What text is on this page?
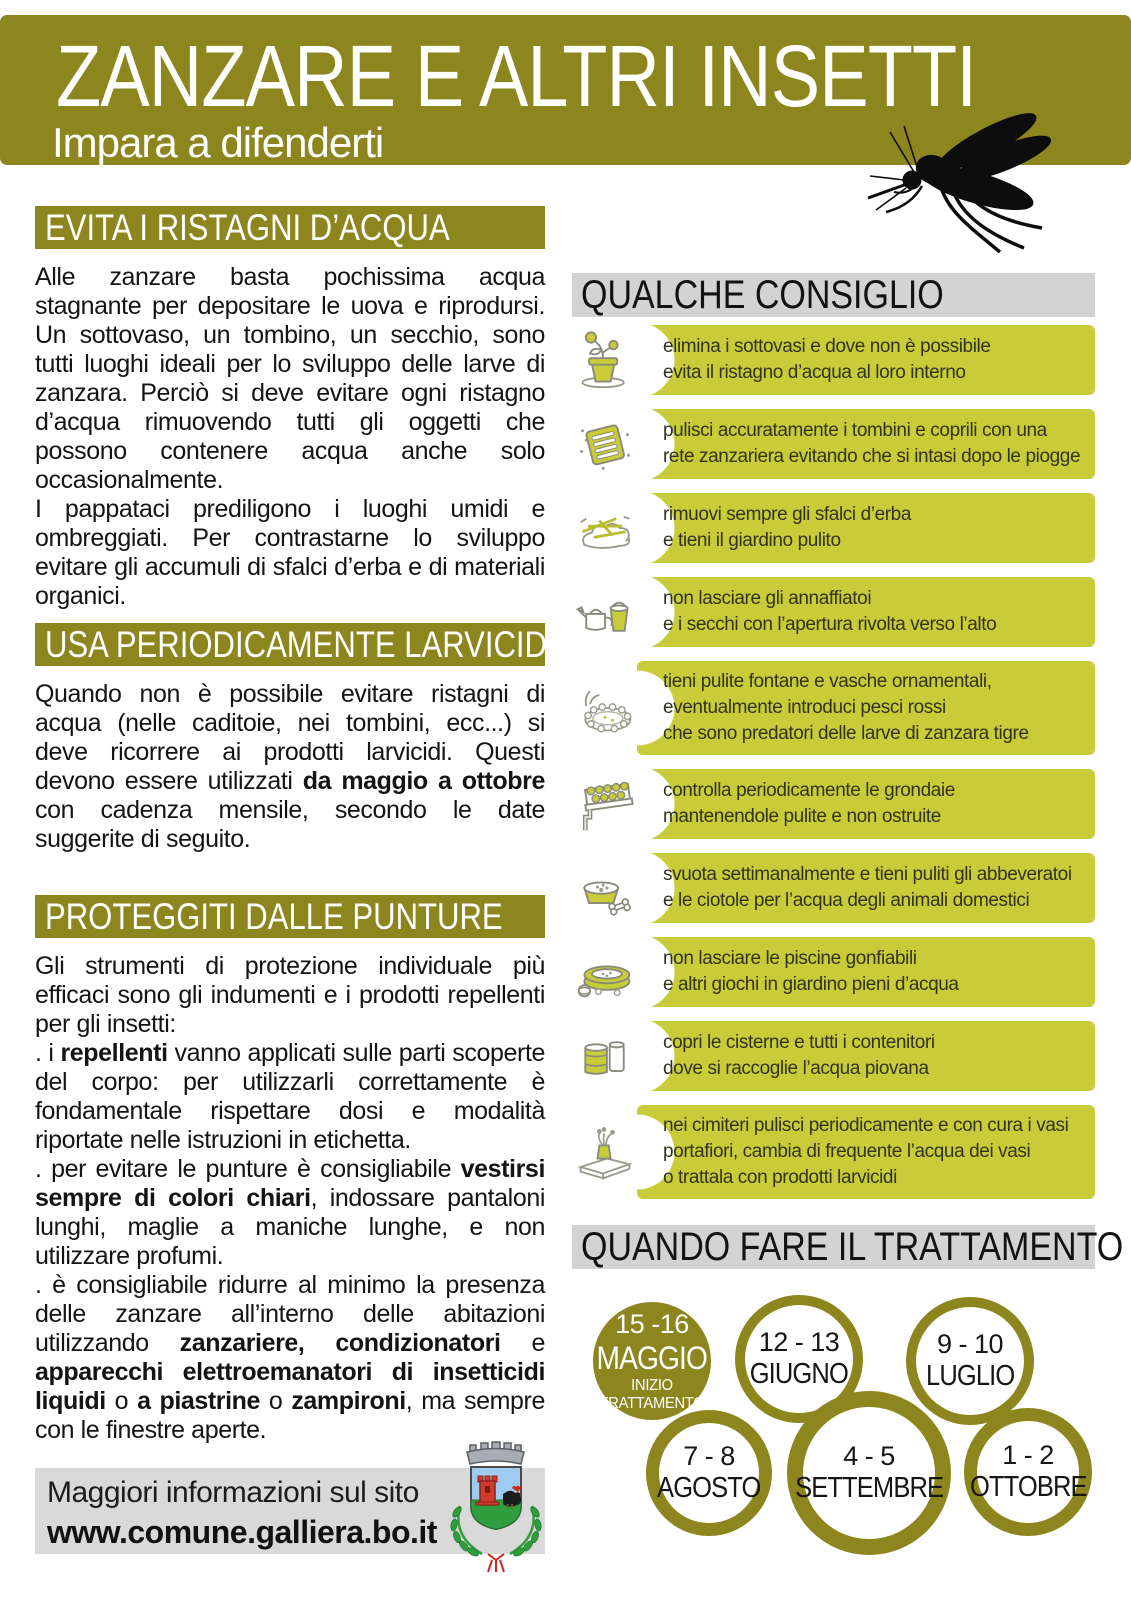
ZANZARE E ALTRI INSETTI
Impara a difenderti
EVITA I RISTAGNI D’ACQUA

Alle zanzare basta pochissima acqua stagnante per depositare le uova e riprodursi. Un sottovaso, un tombino, un secchio, sono tutti luoghi ideali per lo sviluppo delle larve di zanzara. Perciò si deve evitare ogni ristagno d’acqua rimuovendo tutti gli oggetti che possono contenere acqua anche solo occasionalmente.

I pappataci prediligono i luoghi umidi e ombreggiati. Per contrastarne lo sviluppo evitare gli accumuli di sfalci d’erba e di materiali organici.

USA PERIODICAMENTE LARVICIDI

Quando non è possibile evitare ristagni di acqua (nelle caditoie, nei tombini, ecc...) si deve ricorrere ai prodotti larvicidi. Questi devono essere utilizzati da maggio a ottobre con cadenza mensile, secondo le date suggerite di seguito.

PROTEGGITI DALLE PUNTURE

Gli strumenti di protezione individuale più efficaci sono gli indumenti e i prodotti repellenti per gli insetti:

. i repellenti vanno applicati sulle parti scoperte del corpo: per utilizzarli correttamente è fondamentale rispettare dosi e modalità riportate nelle istruzioni in etichetta.

. per evitare le punture è consigliabile vestirsi sempre di colori chiari, indossare pantaloni lunghi, maglie a maniche lunghe, e non utilizzare profumi.

. è consigliabile ridurre al minimo la presenza delle zanzare all’interno delle abitazioni utilizzando zanzariere, condizionatori e apparecchi elettroemanatori di insetticidi liquidi o a piastrine o zampironi, ma sempre con le finestre aperte.

Maggiori informazioni sul sito
www.comune.galliera.bo.it
QUALCHE CONSIGLIO
elimina i sottovasi e dove non è possibile
evita il ristagno d’acqua al loro interno
pulisci accuratamente i tombini e coprili con una
rete zanzariera evitando che si intasi dopo le piogge
rimuovi sempre gli sfalci d’erba
e tieni il giardino pulito
non lasciare gli annaffiatoi
e i secchi con l’apertura rivolta verso l’alto
tieni pulite fontane e vasche ornamentali,
eventualmente introduci pesci rossi
che sono predatori delle larve di zanzara tigre
controlla periodicamente le grondaie
mantenendole pulite e non ostruite
svuota settimanalmente e tieni puliti gli abbeveratoi
e le ciotole per l’acqua degli animali domestici
non lasciare le piscine gonfiabili
e altri giochi in giardino pieni d’acqua
copri le cisterne e tutti i contenitori
dove si raccoglie l’acqua piovana
nei cimiteri pulisci periodicamente e con cura i vasi
portafiori, cambia di frequente l’acqua dei vasi
o trattala con prodotti larvicidi
QUANDO FARE IL TRATTAMENTO
15 -16
MAGGIO
INIZIO
TRATTAMENTO
12 - 13
GIUGNO
9 - 10
LUGLIO
7 - 8
AGOSTO
4 - 5
SETTEMBRE
1 - 2
OTTOBRE
